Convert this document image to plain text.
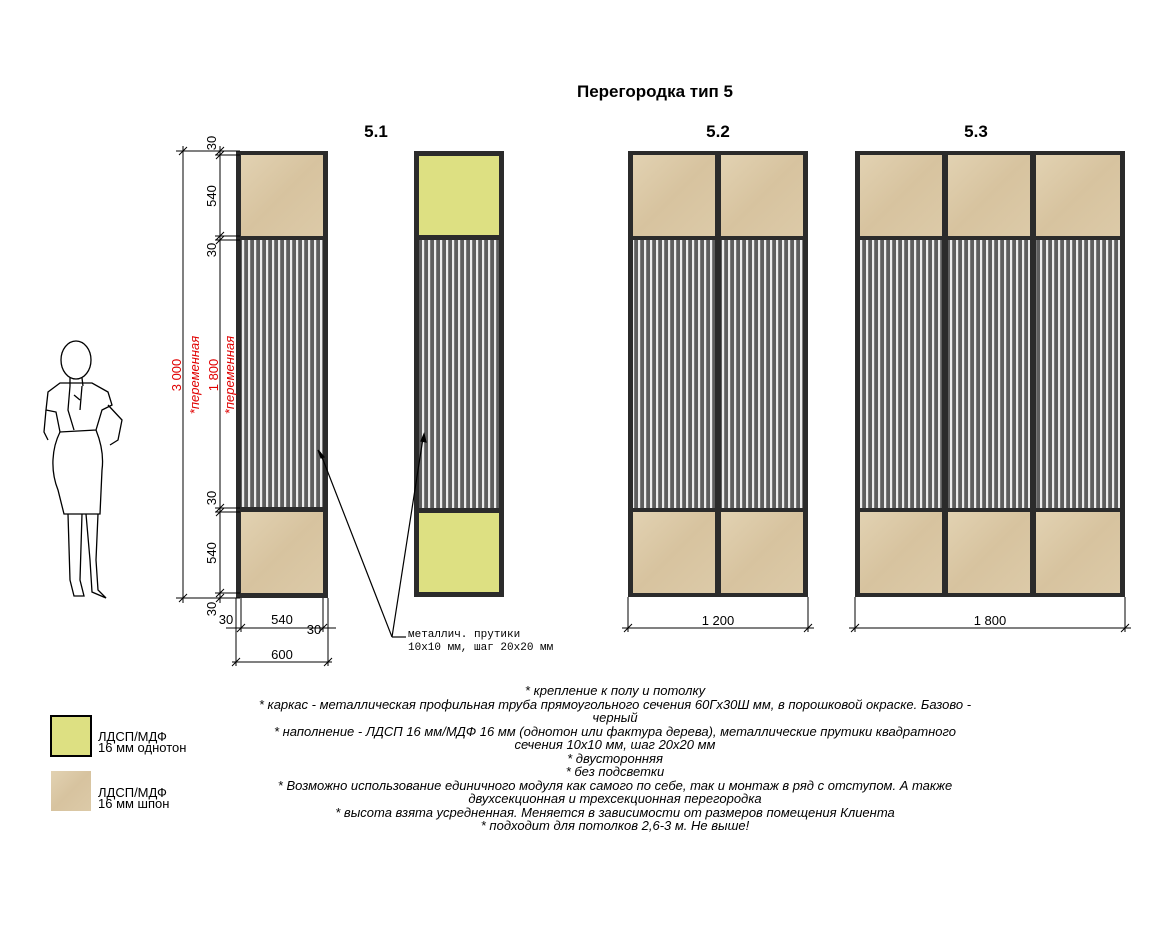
Перегородка тип 5
5.1	5.2	5.3
30
540
30
30
540
30
3 000 *переменная 1 800 *переменная
30	540
30
600
1 200	1 800
металлич. прутики
10х10 мм, шаг 20х20 мм
ЛДСП/МДФ
16 мм однотон
ЛДСП/МДФ
16 мм шпон
* крепление к полу и потолку
* каркас - металлическая профильная труба прямоугольного сечения 60Гх30Ш мм, в порошковой окраске. Базово -
черный
* наполнение - ЛДСП 16 мм/МДФ 16 мм (однотон или фактура дерева), металлические прутики квадратного
сечения 10х10 мм, шаг 20х20 мм
* двусторонняя
* без подсветки
* Возможно использование единичного модуля как самого по себе, так и монтаж в ряд с отступом. А также
двухсекционная и трехсекционная перегородка
* высота взята усредненная. Меняется в зависимости от размеров помещения Клиента
* подходит для потолков 2,6-3 м. Не выше!
